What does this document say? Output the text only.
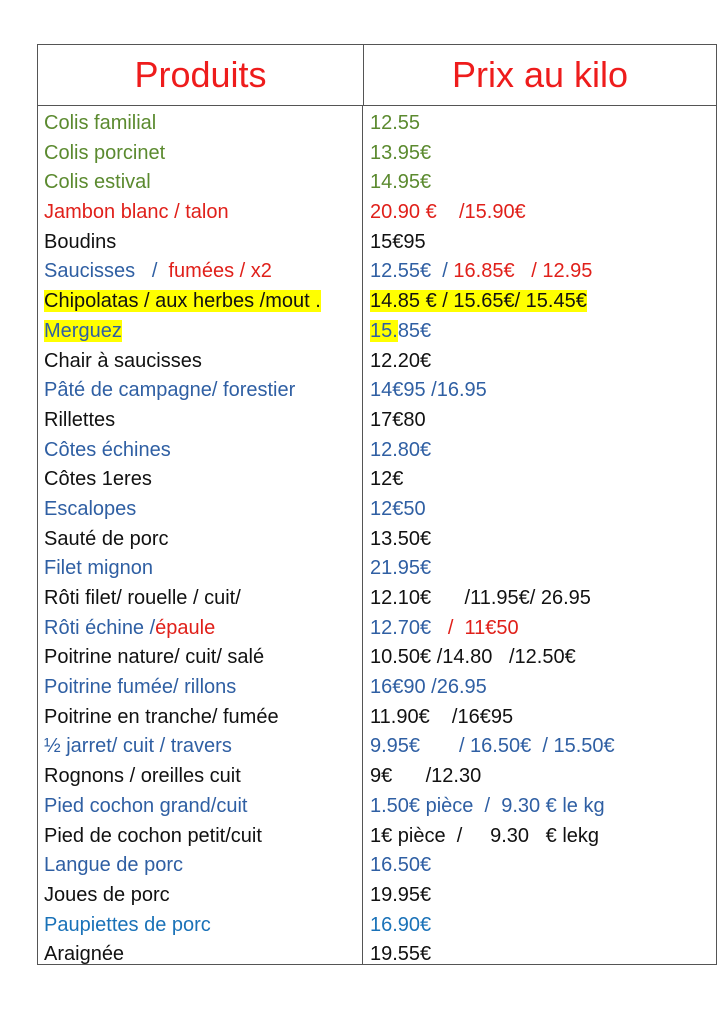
Produits	Prix au kilo
Colis familial
Colis porcinet
Colis estival
Jambon blanc / talon
Boudins
Saucisses   /  fumées / x2
Chipolatas / aux herbes /mout .
Merguez
Chair à saucisses
Pâté de campagne/ forestier
Rillettes
Côtes échines
Côtes 1eres
Escalopes
Sauté de porc
Filet mignon
Rôti filet/ rouelle / cuit/
Rôti échine /épaule
Poitrine nature/ cuit/ salé
Poitrine fumée/ rillons
Poitrine en tranche/ fumée
½ jarret/ cuit / travers
Rognons / oreilles cuit
Pied cochon grand/cuit
Pied de cochon petit/cuit
Langue de porc
Joues de porc
Paupiettes de porc
Araignée
12.55
13.95€
14.95€
20.90 €    /15.90€
15€95
12.55€  / 16.85€   / 12.95
14.85 € / 15.65€/ 15.45€
15.85€
12.20€
14€95 /16.95
17€80
12.80€
12€
12€50
13.50€
21.95€
12.10€      /11.95€/ 26.95
12.70€   /  11€50
10.50€ /14.80   /12.50€
16€90 /26.95
11.90€    /16€95
9.95€       / 16.50€  / 15.50€
9€      /12.30
1.50€ pièce  /  9.30 € le kg
1€ pièce  /     9.30   € lekg
16.50€
19.95€
16.90€
19.55€
